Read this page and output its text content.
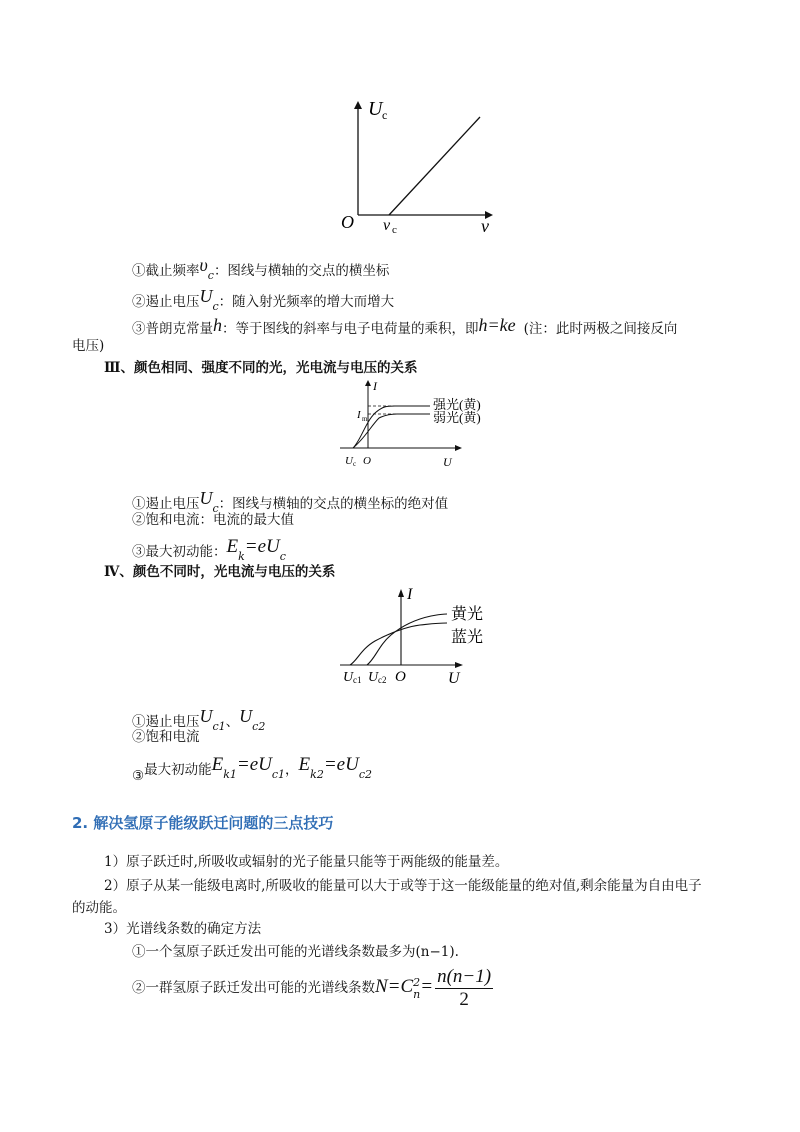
U c
O ν c	ν
①截止频率$\upsilon_c$：图线与横轴的交点的横坐标
②遏止电压$U_c$：随入射光频率的增大而增大
③普朗克常量h：等于图线的斜率与电子电荷量的乘积，即h=ke (注：此时两极之间接反向
电压)
Ⅲ、颜色相同、强度不同的光，光电流与电压的关系
I
I m
强光(黄)
弱光(黄)
U c O	U
①遏止电压$U_c$：图线与横轴的交点的横坐标的绝对值
②饱和电流：电流的最大值
③最大初动能：$E_k=eU_c$
Ⅳ、颜色不同时，光电流与电压的关系
I
黄光
蓝光
U c1 U c2 O	U
①遏止电压$U_{c1}$、$U_{c2}$
②饱和电流
③最大初动能$E_{k1}=eU_{c1}$，$E_{k2}=eU_{c2}$
2. 解决氢原子能级跃迁问题的三点技巧
1）原子跃迁时,所吸收或辐射的光子能量只能等于两能级的能量差。
2）原子从某一能级电离时,所吸收的能量可以大于或等于这一能级能量的绝对值,剩余能量为自由电子
的动能。
3）光谱线条数的确定方法
①一个氢原子跃迁发出可能的光谱线条数最多为(n−1).
②一群氢原子跃迁发出可能的光谱线条数N=C 2
$n = \frac{n(n-1)}{2}$
